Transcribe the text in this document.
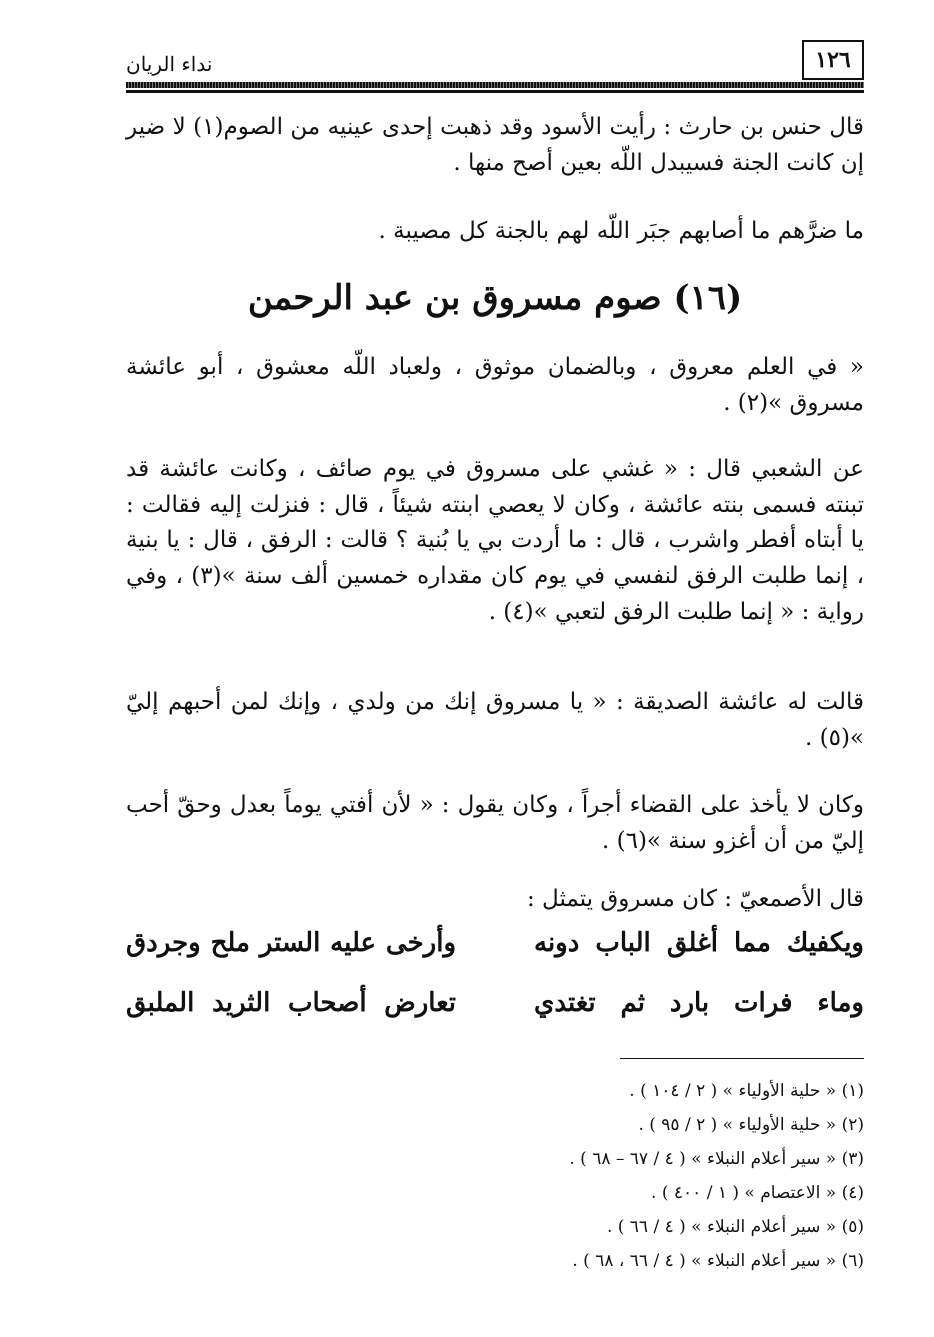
١٢٦
نداء الريان
قال حنس بن حارث : رأيت الأسود وقد ذهبت إحدى عينيه من الصوم(١) لا ضير إن كانت الجنة فسيبدل اللّه بعين أصح منها .
ما ضرَّهم ما أصابهم جبَر اللّه لهم بالجنة كل مصيبة .
(١٦) صوم مسروق بن عبد الرحمن
« في العلم معروق ، وبالضمان موثوق ، ولعباد اللّه معشوق ، أبو عائشة مسروق »(٢) .
عن الشعبي قال : « غشي على مسروق في يوم صائف ، وكانت عائشة قد تبنته فسمى بنته عائشة ، وكان لا يعصي ابنته شيئاً ، قال : فنزلت إليه فقالت : يا أبتاه أفطر واشرب ، قال : ما أردت بي يا بُنية ؟ قالت : الرفق ، قال : يا بنية ، إنما طلبت الرفق لنفسي في يوم كان مقداره خمسين ألف سنة »(٣) ، وفي رواية : « إنما طلبت الرفق لتعبي »(٤) .
قالت له عائشة الصديقة : « يا مسروق إنك من ولدي ، وإنك لمن أحبهم إليّ »(٥) .
وكان لا يأخذ على القضاء أجراً ، وكان يقول : « لأن أفتي يوماً بعدل وحقّ أحب إليّ من أن أغزو سنة »(٦) .
قال الأصمعيّ : كان مسروق يتمثل :
ويكفيك مما أغلق الباب دونه
وأرخى عليه الستر ملح وجردق
وماء فرات بارد ثم تغتدي
تعارض أصحاب الثريد الملبق
(١) « حلية الأولياء » ( ٢ / ١٠٤ ) .
(٢) « حلية الأولياء » ( ٢ / ٩٥ ) .
(٣) « سير أعلام النبلاء » ( ٤ / ٦٧ – ٦٨ ) .
(٤) « الاعتصام » ( ١ / ٤٠٠ ) .
(٥) « سير أعلام النبلاء » ( ٤ / ٦٦ ) .
(٦) « سير أعلام النبلاء » ( ٤ / ٦٦ ، ٦٨ ) .
